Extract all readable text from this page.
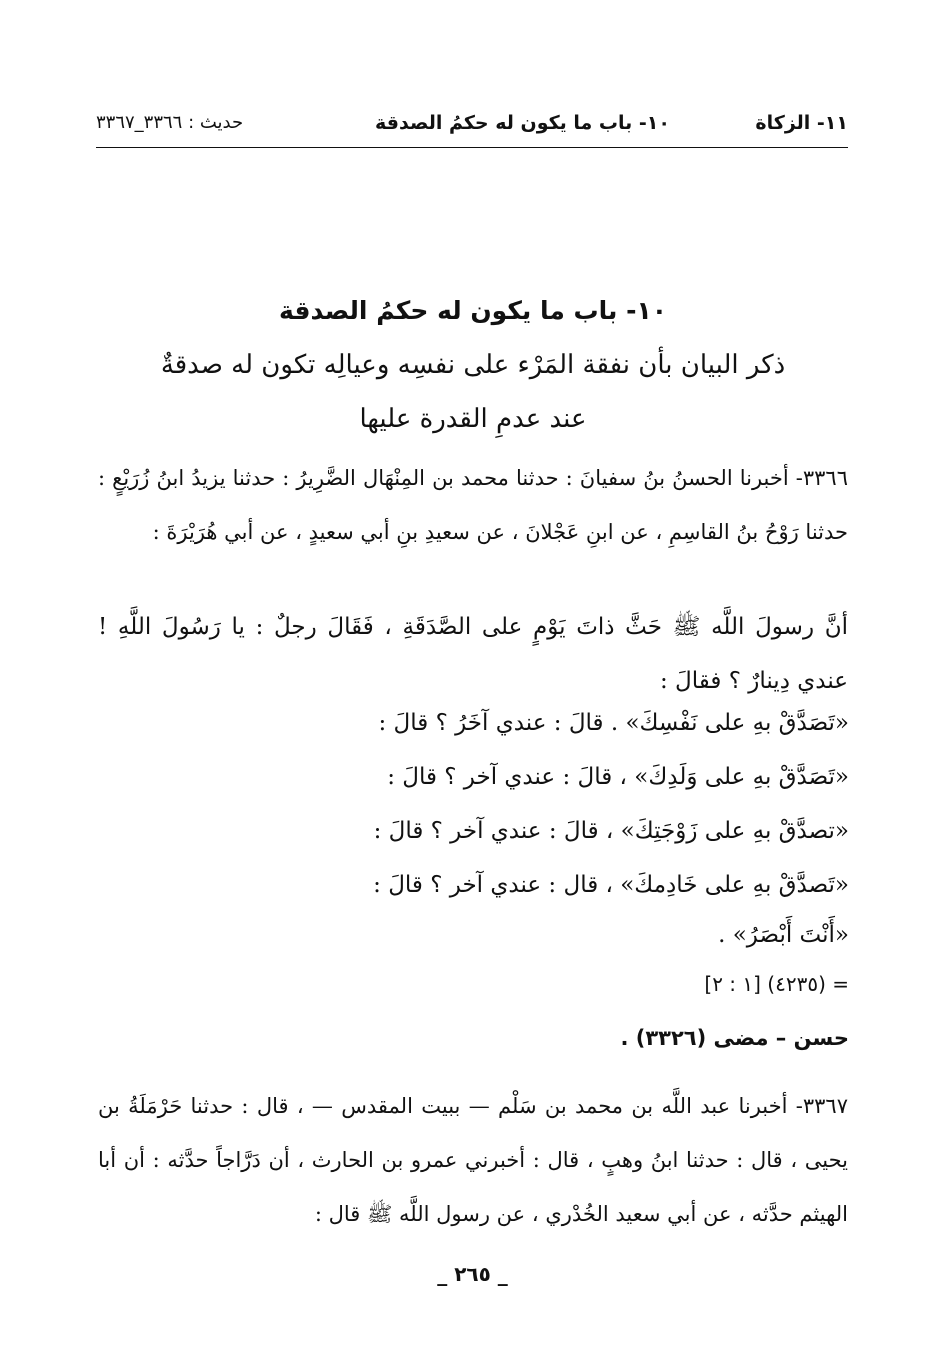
١١- الزكاة
١٠- باب ما يكون له حكمُ الصدقة
حديث : ٣٣٦٦_٣٣٦٧
١٠- باب ما يكون له حكمُ الصدقة
ذكر البيان بأن نفقة المَرْء على نفسِه وعيالِه تكون له صدقةٌ
عند عدمِ القدرة عليها
٣٣٦٦- أخبرنا الحسنُ بنُ سفيانَ : حدثنا محمد بن المِنْهَال الضَّرِيرُ : حدثنا يزيدُ ابنُ زُرَيْعٍ : حدثنا رَوْحُ بنُ القاسِمِ ، عن ابنِ عَجْلانَ ، عن سعيدِ بنِ أبي سعيدٍ ، عن أبي هُرَيْرَةَ :
أنَّ رسولَ اللَّه ﷺ حَثَّ ذاتَ يَوْمٍ على الصَّدَقَةِ ، فَقَالَ رجلٌ : يا رَسُولَ اللَّهِ ! عندي دِينارٌ ؟ فقالَ :
«تَصَدَّقْ بهِ على نَفْسِكَ» . قالَ : عندي آخَرُ ؟ قالَ :
«تَصَدَّقْ بهِ على وَلَدِكَ» ، قالَ : عندي آخر ؟ قالَ :
«تصدَّقْ بهِ على زَوْجَتِكَ» ، قالَ : عندي آخر ؟ قالَ :
«تَصدَّقْ بهِ على خَادِمكَ» ، قال : عندي آخر ؟ قالَ :
«أَنْتَ أَبْصَرُ» .
= (٤٢٣٥) [١ : ٢]
حسن – مضى (٣٣٢٦) .
٣٣٦٧- أخبرنا عبد اللَّه بن محمد بن سَلْم — ببيت المقدس — ، قال : حدثنا حَرْمَلَةُ بن يحيى ، قال : حدثنا ابنُ وهبٍ ، قال : أخبرني عمرو بن الحارث ، أن دَرَّاجاً حدَّثه : أن أبا الهيثم حدَّثه ، عن أبي سعيد الخُدْري ، عن رسول اللَّه ﷺ قال :
_ ٢٦٥ _
